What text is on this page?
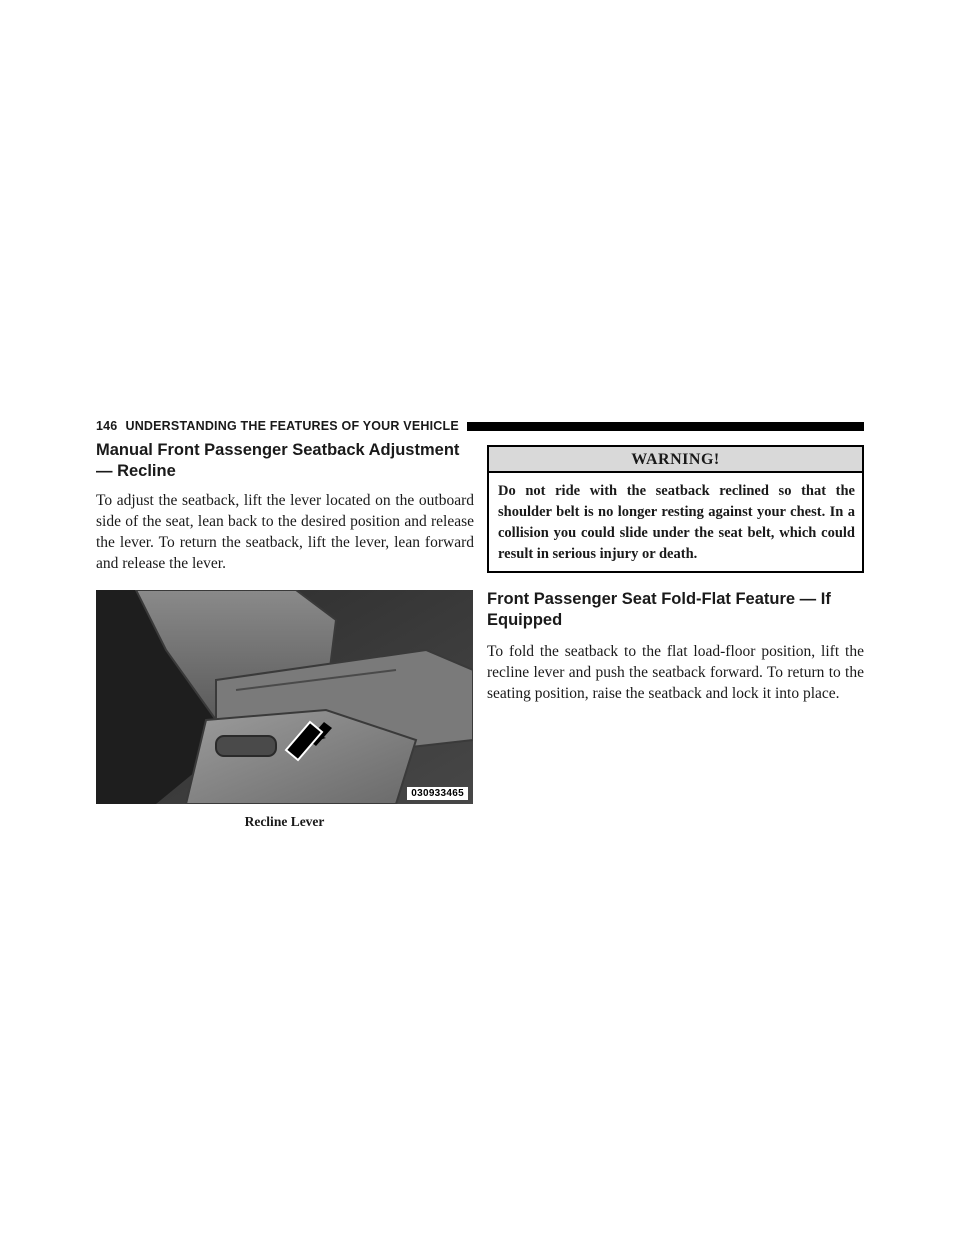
146 UNDERSTANDING THE FEATURES OF YOUR VEHICLE
Manual Front Passenger Seatback Adjustment — Recline

To adjust the seatback, lift the lever located on the outboard side of the seat, lean back to the desired position and release the lever. To return the seatback, lift the lever, lean forward and release the lever.

030933465
Recline Lever
WARNING!
Do not ride with the seatback reclined so that the shoulder belt is no longer resting against your chest. In a collision you could slide under the seat belt, which could result in serious injury or death.
Front Passenger Seat Fold-Flat Feature — If Equipped

To fold the seatback to the flat load-floor position, lift the recline lever and push the seatback forward. To return to the seating position, raise the seatback and lock it into place.
